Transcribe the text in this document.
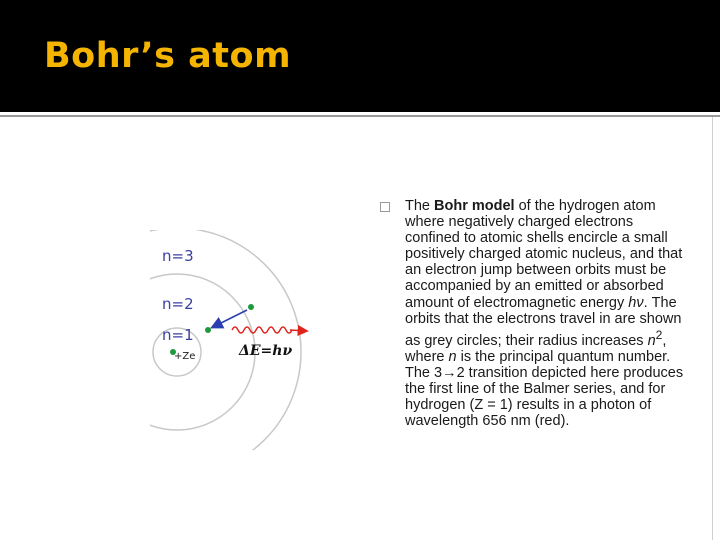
Bohr’s atom
n=3
n=2
n=1
+Ze	ΔE=hν
The Bohr model of the hydrogen atom where negatively charged electrons confined to atomic shells encircle a small positively charged atomic nucleus, and that an electron jump between orbits must be accompanied by an emitted or absorbed amount of electromagnetic energy hν. The orbits that the electrons travel in are shown as grey circles; their radius increases $n^2$, where n is the principal quantum number. The 3→2 transition depicted here produces the first line of the Balmer series, and for hydrogen (Z = 1) results in a photon of wavelength 656 nm (red).
